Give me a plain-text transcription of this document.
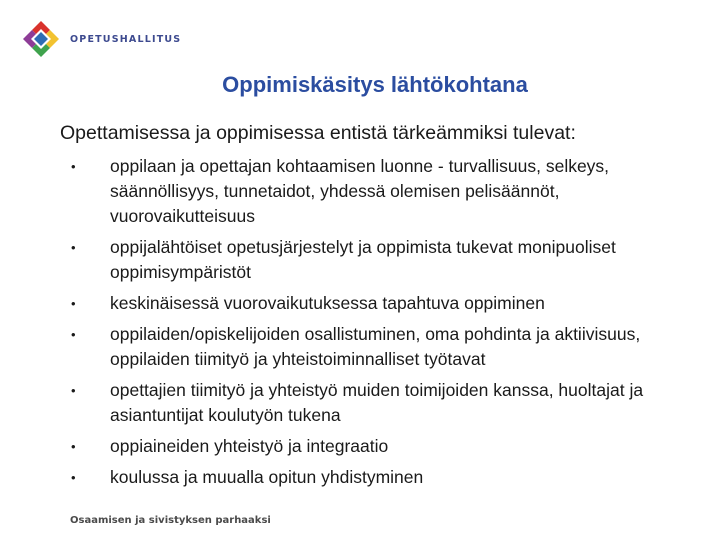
OPETUSHALLITUS
Oppimiskäsitys lähtökohtana
Opettamisessa ja oppimisessa entistä tärkeämmiksi tulevat:
• oppilaan ja opettajan kohtaamisen luonne - turvallisuus, selkeys, säännöllisyys, tunnetaidot, yhdessä olemisen pelisäännöt, vuorovaikutteisuus
• oppijalähtöiset opetusjärjestelyt ja oppimista tukevat monipuoliset oppimisympäristöt
• keskinäisessä vuorovaikutuksessa tapahtuva oppiminen
• oppilaiden/opiskelijoiden osallistuminen, oma pohdinta ja aktiivisuus, oppilaiden tiimityö ja yhteistoiminnalliset työtavat
• opettajien tiimityö ja yhteistyö muiden toimijoiden kanssa, huoltajat ja asiantuntijat koulutyön tukena
• oppiaineiden yhteistyö ja integraatio
• koulussa ja muualla opitun yhdistyminen
Osaamisen ja sivistyksen parhaaksi
